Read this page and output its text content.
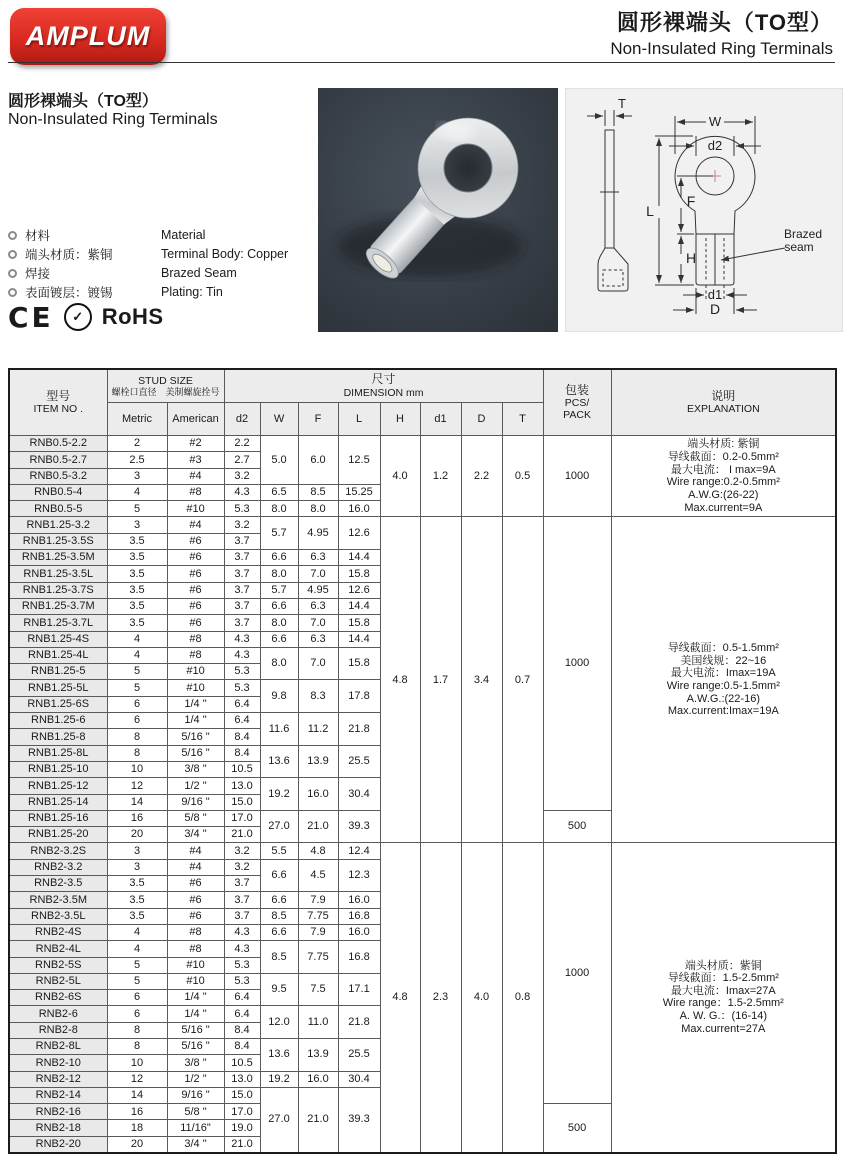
AMPLUM	圆形裸端头（TO型）
Non-Insulated Ring Terminals
圆形裸端头（TO型）
Non-Insulated Ring Terminals
材料	Material
端头材质：紫铜	Terminal Body: Copper
焊接	Brazed Seam
表面镀层：镀锡	Plating: Tin
CE	✓ RoHS
T
W
d2
L
F
H
d1
D
Brazed
seam
型号
ITEM NO .

STUD SIZE
螺栓口直径　美制螺旋拴号

尺寸
DIMENSION mm	包装
PCS/
PACK

说明
EXPLANATION

	Metric	American	d2	W	F	L	H	d1	D	T		
RNB0.5-2.2	2	#2	2.2	5.0	6.0	12.5	4.0	1.2	2.2	0.5	1000	
端头材质: 紫铜
导线截面：0.2-0.5mm²
最大电流： I max=9A
Wire range:0.2-0.5mm²
A.W.G:(26-22)
Max.current=9A

RNB0.5-2.7	2.5	#3	2.7									
RNB0.5-3.2	3	#4	3.2									
RNB0.5-4	4	#8	4.3	6.5	8.5	15.25						
RNB0.5-5	5	#10	5.3	8.0	8.0	16.0						
RNB1.25-3.2	3	#4	3.2	5.7	4.95	12.6	4.8	1.7	3.4	0.7	1000	
导线截面：0.5-1.5mm²
美国线规：22~16
最大电流：Imax=19A
Wire range:0.5-1.5mm²
A.W.G.:(22-16)
Max.current:Imax=19A

RNB1.25-3.5S	3.5	#6	3.7									
RNB1.25-3.5M	3.5	#6	3.7	6.6	6.3	14.4						
RNB1.25-3.5L	3.5	#6	3.7	8.0	7.0	15.8						
RNB1.25-3.7S	3.5	#6	3.7	5.7	4.95	12.6						
RNB1.25-3.7M	3.5	#6	3.7	6.6	6.3	14.4						
RNB1.25-3.7L	3.5	#6	3.7	8.0	7.0	15.8						
RNB1.25-4S	4	#8	4.3	6.6	6.3	14.4						
RNB1.25-4L	4	#8	4.3	8.0	7.0	15.8						
RNB1.25-5	5	#10	5.3									
RNB1.25-5L	5	#10	5.3	9.8	8.3	17.8						
RNB1.25-6S	6	1/4 "	6.4									
RNB1.25-6	6	1/4 "	6.4	11.6	11.2	21.8						
RNB1.25-8	8	5/16 "	8.4									
RNB1.25-8L	8	5/16 "	8.4	13.6	13.9	25.5						
RNB1.25-10	10	3/8 "	10.5									
RNB1.25-12	12	1/2 "	13.0	19.2	16.0	30.4						
RNB1.25-14	14	9/16 "	15.0									
RNB1.25-16	16	5/8 "	17.0	27.0	21.0	39.3					500	
RNB1.25-20	20	3/4 "	21.0									
RNB2-3.2S	3	#4	3.2	5.5	4.8	12.4	4.8	2.3	4.0	0.8	1000	
端头材质：紫铜
导线截面：1.5-2.5mm²
最大电流：Imax=27A
Wire range：1.5-2.5mm²
A. W. G.：(16-14)
Max.current=27A

RNB2-3.2	3	#4	3.2	6.6	4.5	12.3						
RNB2-3.5	3.5	#6	3.7									
RNB2-3.5M	3.5	#6	3.7	6.6	7.9	16.0						
RNB2-3.5L	3.5	#6	3.7	8.5	7.75	16.8						
RNB2-4S	4	#8	4.3	6.6	7.9	16.0						
RNB2-4L	4	#8	4.3	8.5	7.75	16.8						
RNB2-5S	5	#10	5.3									
RNB2-5L	5	#10	5.3	9.5	7.5	17.1						
RNB2-6S	6	1/4 "	6.4									
RNB2-6	6	1/4 "	6.4	12.0	11.0	21.8						
RNB2-8	8	5/16 "	8.4									
RNB2-8L	8	5/16 "	8.4	13.6	13.9	25.5						
RNB2-10	10	3/8 "	10.5									
RNB2-12	12	1/2 "	13.0	19.2	16.0	30.4						
RNB2-14	14	9/16 "	15.0	27.0	21.0	39.3						
RNB2-16	16	5/8 "	17.0								500	
RNB2-18	18	11/16"	19.0									
RNB2-20	20	3/4 "	21.0									
